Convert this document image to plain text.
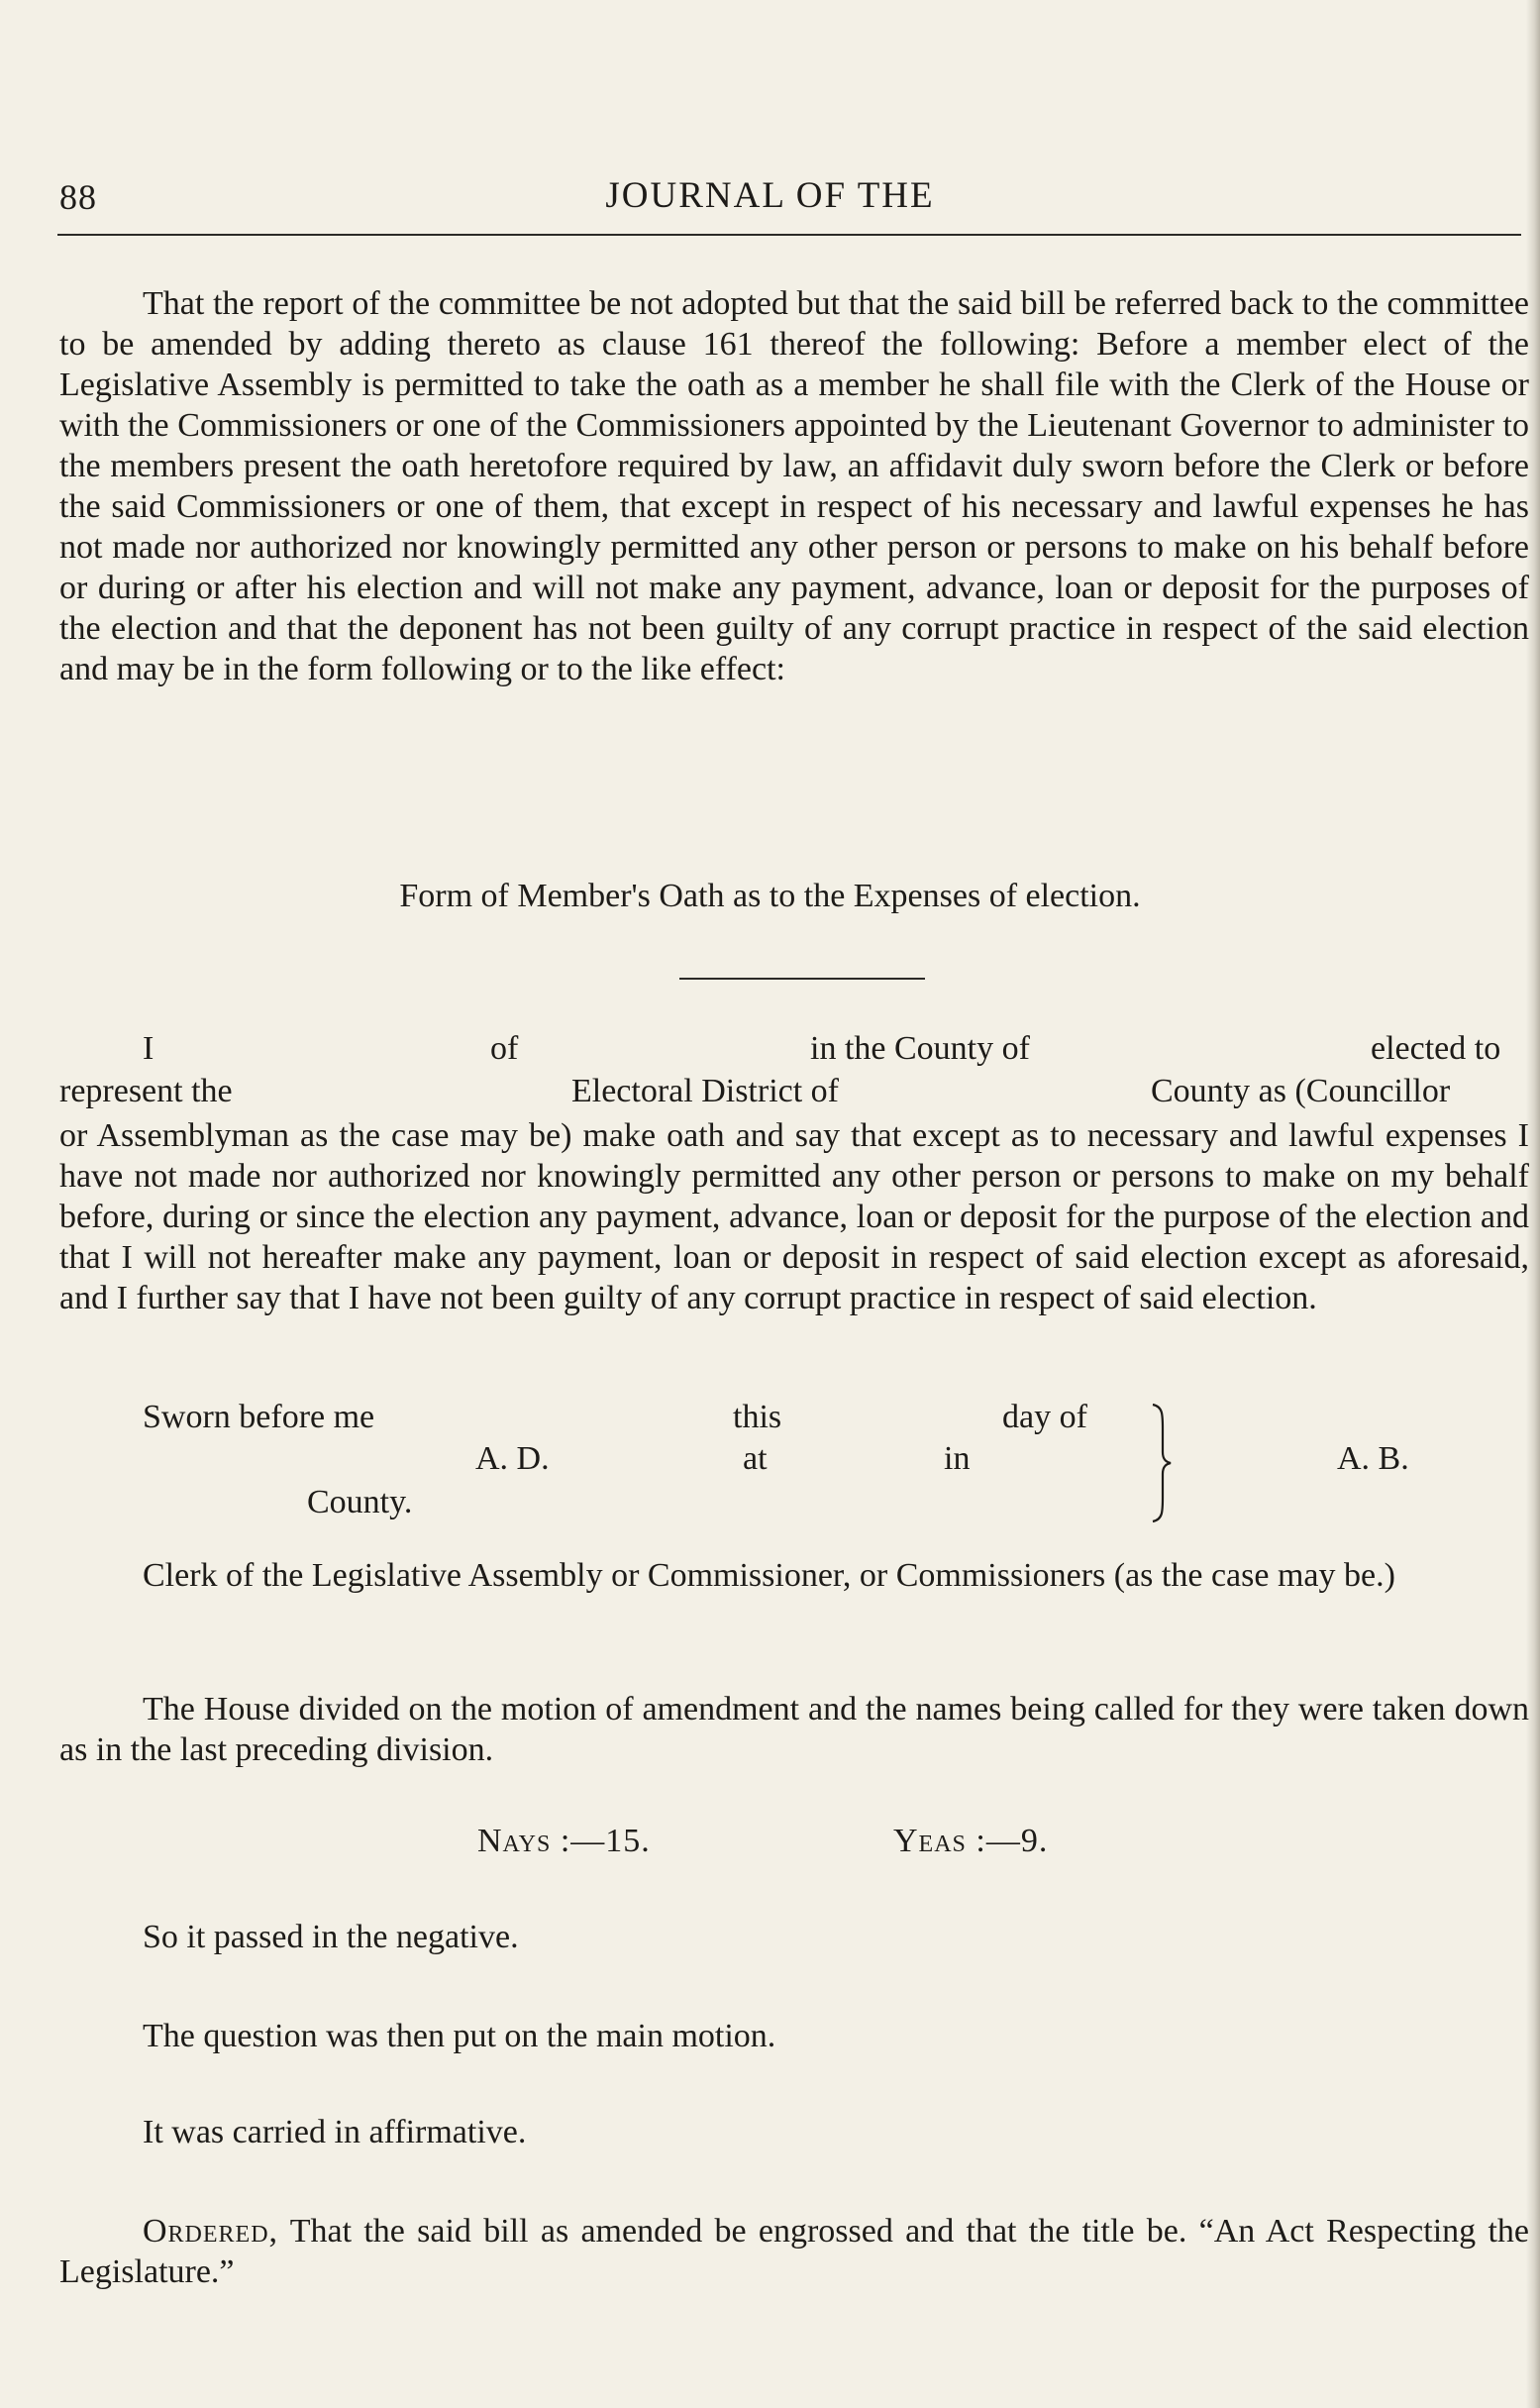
88	JOURNAL OF THE

That the report of the committee be not adopted but that the said bill be referred back to the committee to be amended by adding thereto as clause 161 thereof the following: Before a member elect of the Legislative Assembly is permitted to take the oath as a member he shall file with the Clerk of the House or with the Commissioners or one of the Commissioners appointed by the Lieutenant Governor to administer to the members present the oath heretofore required by law, an affidavit duly sworn before the Clerk or before the said Commissioners or one of them, that except in respect of his necessary and lawful expenses he has not made nor authorized nor knowingly permitted any other person or persons to make on his behalf before or during or after his election and will not make any payment, advance, loan or deposit for the purposes of the election and that the deponent has not been guilty of any corrupt practice in respect of the said election and may be in the form following or to the like effect:

Form of Member's Oath as to the Expenses of election.
I	of	in the County of	elected to
represent the	Electoral District of	County as (Councillor

or Assemblyman as the case may be) make oath and say that except as to necessary and lawful expenses I have not made nor authorized nor knowingly permitted any other person or persons to make on my behalf before, during or since the election any payment, advance, loan or deposit for the purpose of the election and that I will not hereafter make any payment, loan or deposit in respect of said election except as aforesaid, and I further say that I have not been guilty of any corrupt practice in respect of said election.

Sworn before me	this	day of
A. D.	at	in	A. B.
County.

Clerk of the Legislative Assembly or Commissioner, or Commissioners (as the case may be.)

The House divided on the motion of amendment and the names being called for they were taken down as in the last preceding division.

Nays :—15.	Yeas :—9.

So it passed in the negative.

The question was then put on the main motion.

It was carried in affirmative.

Ordered, That the said bill as amended be engrossed and that the title be. “An Act Respecting the Legislature.”
